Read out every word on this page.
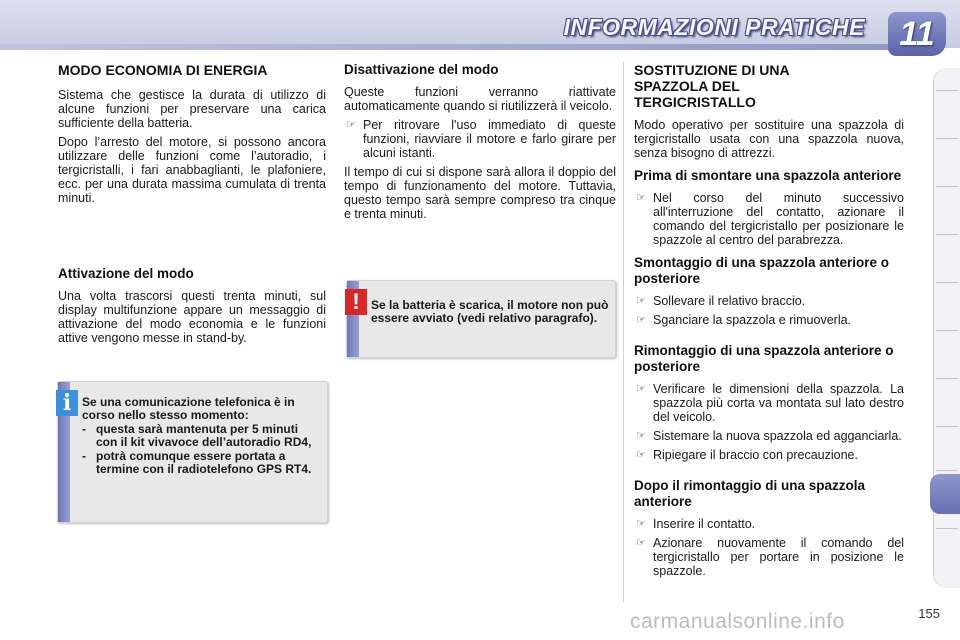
INFORMAZIONI PRATICHE	11
MODO ECONOMIA DI ENERGIA

Sistema che gestisce la durata di utilizzo di alcune funzioni per preservare una carica sufficiente della batteria.

Dopo l’arresto del motore, si possono ancora utilizzare delle funzioni come l’autoradio, i tergicristalli, i fari anabbaglianti, le plafoniere, ecc. per una durata massima cumulata di trenta minuti.

Attivazione del modo

Una volta trascorsi questi trenta minuti, sul display multifunzione appare un messaggio di attivazione del modo economia e le funzioni attive vengono messe in stand-by.

i Se una comunicazione telefonica è in corso nello stesso momento:
- questa sarà mantenuta per 5 minuti con il kit vivavoce dell’autoradio RD4,
- potrà comunque essere portata a termine con il radiotelefono GPS RT4.
Disattivazione del modo

Queste funzioni verranno riattivate automaticamente quando si riutilizzerà il veicolo.

☞ Per ritrovare l'uso immediato di queste funzioni, riavviare il motore e farlo girare per alcuni istanti.

Il tempo di cui si dispone sarà allora il doppio del tempo di funzionamento del motore. Tuttavia, questo tempo sarà sempre compreso tra cinque e trenta minuti.

! Se la batteria è scarica, il motore non può essere avviato (vedi relativo paragrafo).
SOSTITUZIONE DI UNA SPAZZOLA DEL TERGICRISTALLO

Modo operativo per sostituire una spazzola di tergicristallo usata con una spazzola nuova, senza bisogno di attrezzi.

Prima di smontare una spazzola anteriore
☞ Nel corso del minuto successivo all'interruzione del contatto, azionare il comando del tergicristallo per posizionare le spazzole al centro del parabrezza.
Smontaggio di una spazzola anteriore o posteriore
☞ Sollevare il relativo braccio.
☞ Sganciare la spazzola e rimuoverla.
Rimontaggio di una spazzola anteriore o posteriore
☞ Verificare le dimensioni della spazzola. La spazzola più corta va montata sul lato destro del veicolo.
☞ Sistemare la nuova spazzola ed agganciarla.
☞ Ripiegare il braccio con precauzione.
Dopo il rimontaggio di una spazzola anteriore
☞ Inserire il contatto.
☞ Azionare nuovamente il comando del tergicristallo per portare in posizione le spazzole.
155
carmanualsonline.info
